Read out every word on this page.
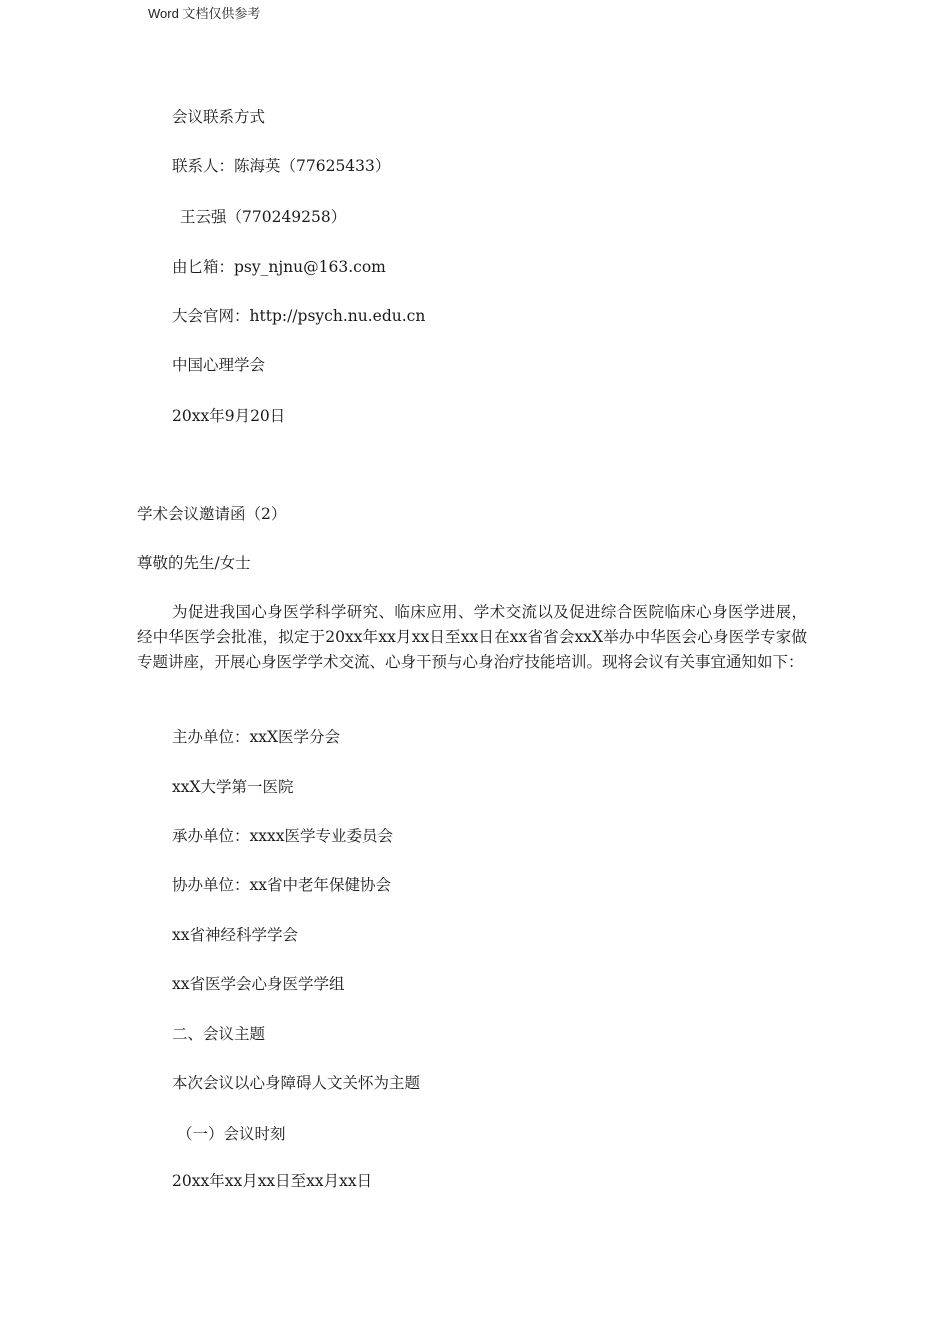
Word 文档仅供参考
会议联系方式
联系人：陈海英（77625433）
王云强（770249258）
由匕箱：psy_njnu@163.com
大会官网：http://psych.nu.edu.cn
中国心理学会
20xx年9月20日
学术会议邀请函（2）
尊敬的先生/女士
为促进我国心身医学科学研究、临床应用、学术交流以及促进综合医院临床心身医学进展，经中华医学会批准，拟定于20xx年xx月xx日至xx日在xx省省会xxX举办中华医会心身医学专家做专题讲座，开展心身医学学术交流、心身干预与心身治疗技能培训。现将会议有关事宜通知如下：
主办单位：xxX医学分会
xxX大学第一医院
承办单位：xxxx医学专业委员会
协办单位：xx省中老年保健协会
xx省神经科学学会
xx省医学会心身医学学组
二、会议主题
本次会议以心身障碍人文关怀为主题
（一）会议时刻
20xx年xx月xx日至xx月xx日
